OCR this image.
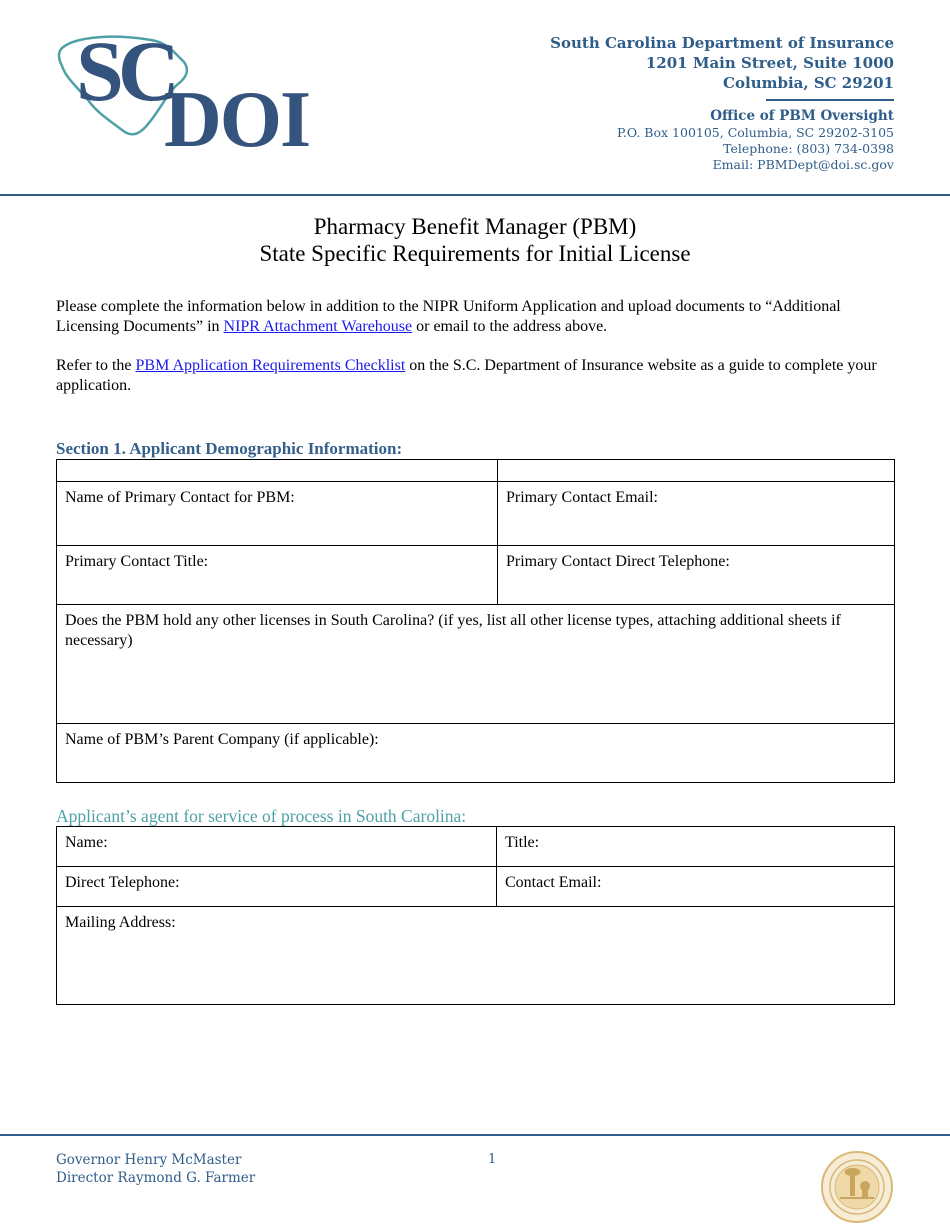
SC
DOI
South Carolina Department of Insurance
1201 Main Street, Suite 1000
Columbia, SC 29201
Office of PBM Oversight
P.O. Box 100105, Columbia, SC 29202-3105
Telephone: (803) 734-0398
Email: PBMDept@doi.sc.gov
Pharmacy Benefit Manager (PBM)
State Specific Requirements for Initial License
Please complete the information below in addition to the NIPR Uniform Application and upload documents to “Additional Licensing Documents” in NIPR Attachment Warehouse or email to the address above.
Refer to the PBM Application Requirements Checklist on the S.C. Department of Insurance website as a guide to complete your application.
Section 1. Applicant Demographic Information:

Name of Primary Contact for PBM:	Primary Contact Email:
Primary Contact Title:	Primary Contact Direct Telephone:
Does the PBM hold any other licenses in South Carolina? (if yes, list all other license types, attaching additional sheets if necessary)	
Name of PBM’s Parent Company (if applicable):	
Applicant’s agent for service of process in South Carolina:
Name:	Title:
Direct Telephone:	Contact Email:
Mailing Address:	
Governor Henry McMaster
Director Raymond G. Farmer
1
